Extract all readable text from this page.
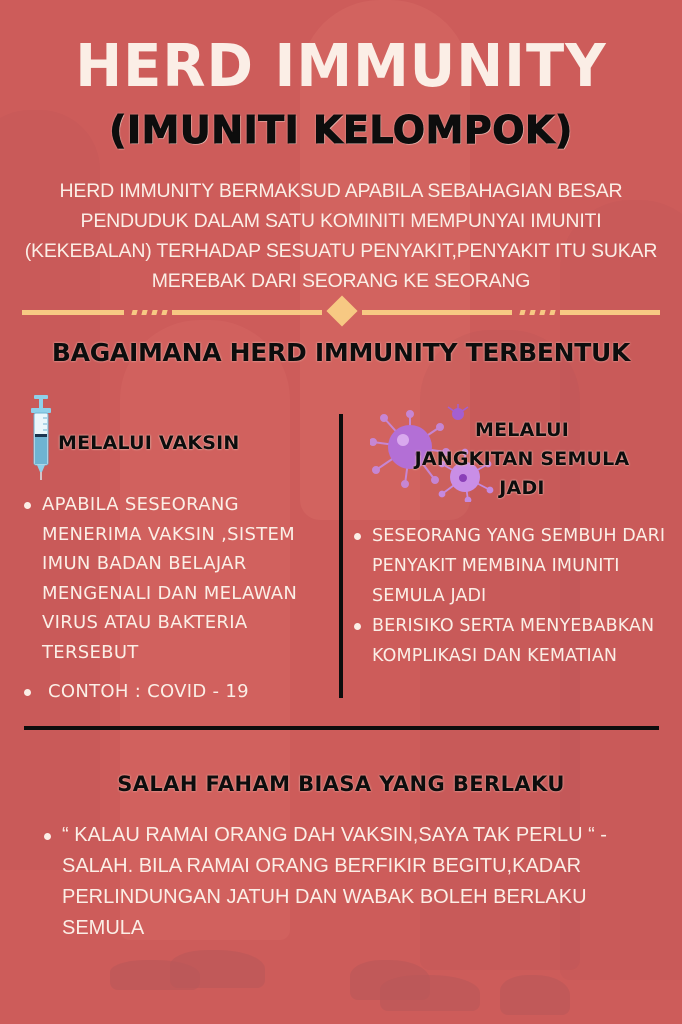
HERD IMMUNITY
(IMUNITI KELOMPOK)

HERD IMMUNITY BERMAKSUD APABILA SEBAHAGIAN BESAR PENDUDUK DALAM SATU KOMINITI MEMPUNYAI IMUNITI (KEKEBALAN) TERHADAP SESUATU PENYAKIT,PENYAKIT ITU SUKAR MEREBAK DARI SEORANG KE SEORANG

BAGAIMANA HERD IMMUNITY TERBENTUK
MELALUI VAKSIN
APABILA SESEORANG MENERIMA VAKSIN ,SISTEM IMUN BADAN BELAJAR MENGENALI DAN MELAWAN VIRUS ATAU BAKTERIA TERSEBUT
CONTOH : COVID - 19
MELALUI
JANGKITAN SEMULA
JADI
SESEORANG YANG SEMBUH DARI PENYAKIT MEMBINA IMUNITI SEMULA JADI
BERISIKO SERTA MENYEBABKAN KOMPLIKASI DAN KEMATIAN
SALAH FAHAM BIASA YANG BERLAKU
“ KALAU RAMAI ORANG DAH VAKSIN,SAYA TAK PERLU “ - SALAH. BILA RAMAI ORANG BERFIKIR BEGITU,KADAR PERLINDUNGAN JATUH DAN WABAK BOLEH BERLAKU SEMULA
